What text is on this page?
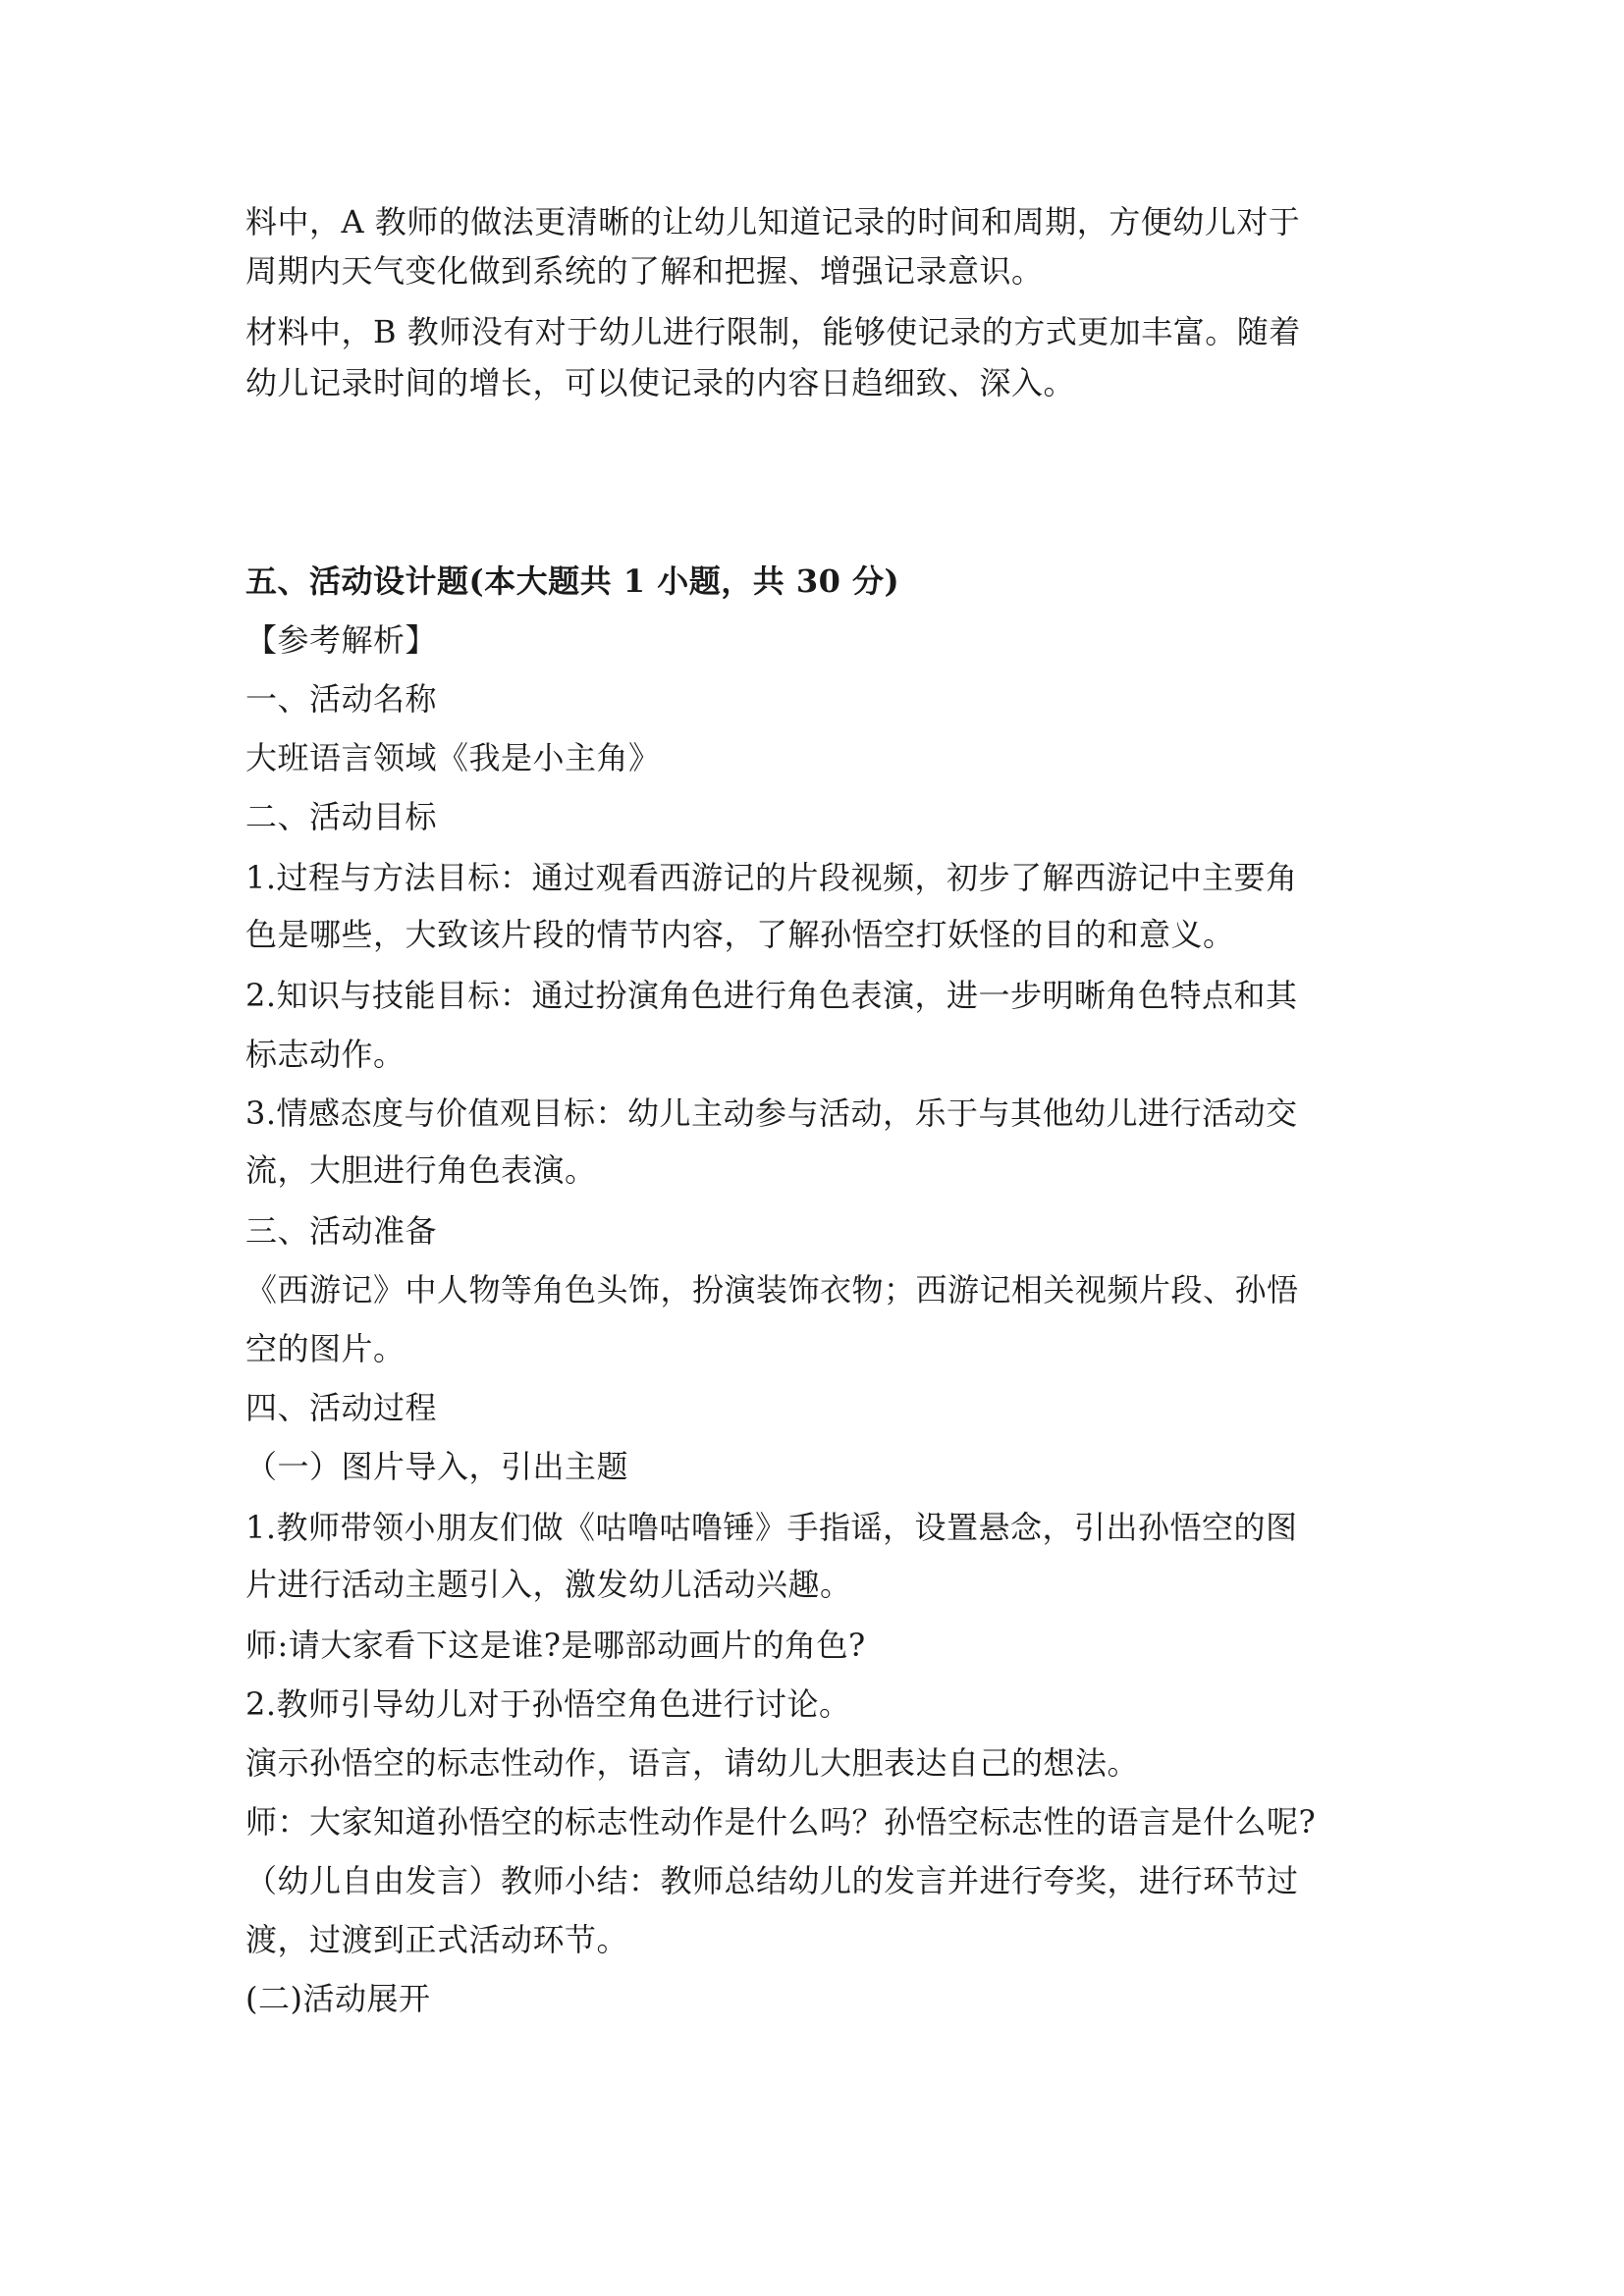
料中，A 教师的做法更清晰的让幼儿知道记录的时间和周期，方便幼儿对于
周期内天气变化做到系统的了解和把握、增强记录意识。
材料中，B 教师没有对于幼儿进行限制，能够使记录的方式更加丰富。随着
幼儿记录时间的增长，可以使记录的内容日趋细致、深入。
五、活动设计题(本大题共 1 小题，共 30 分)
【参考解析】
一、活动名称
大班语言领域《我是小主角》
二、活动目标
1.过程与方法目标：通过观看西游记的片段视频，初步了解西游记中主要角
色是哪些，大致该片段的情节内容，了解孙悟空打妖怪的目的和意义。
2.知识与技能目标：通过扮演角色进行角色表演，进一步明晰角色特点和其
标志动作。
3.情感态度与价值观目标：幼儿主动参与活动，乐于与其他幼儿进行活动交
流，大胆进行角色表演。
三、活动准备
《西游记》中人物等角色头饰，扮演装饰衣物；西游记相关视频片段、孙悟
空的图片。
四、活动过程
（一）图片导入，引出主题
1.教师带领小朋友们做《咕噜咕噜锤》手指谣，设置悬念，引出孙悟空的图
片进行活动主题引入，激发幼儿活动兴趣。
师:请大家看下这是谁?是哪部动画片的角色?
2.教师引导幼儿对于孙悟空角色进行讨论。
演示孙悟空的标志性动作，语言，请幼儿大胆表达自己的想法。
师：大家知道孙悟空的标志性动作是什么吗？孙悟空标志性的语言是什么呢?
（幼儿自由发言）教师小结：教师总结幼儿的发言并进行夸奖，进行环节过
渡，过渡到正式活动环节。
(二)活动展开
